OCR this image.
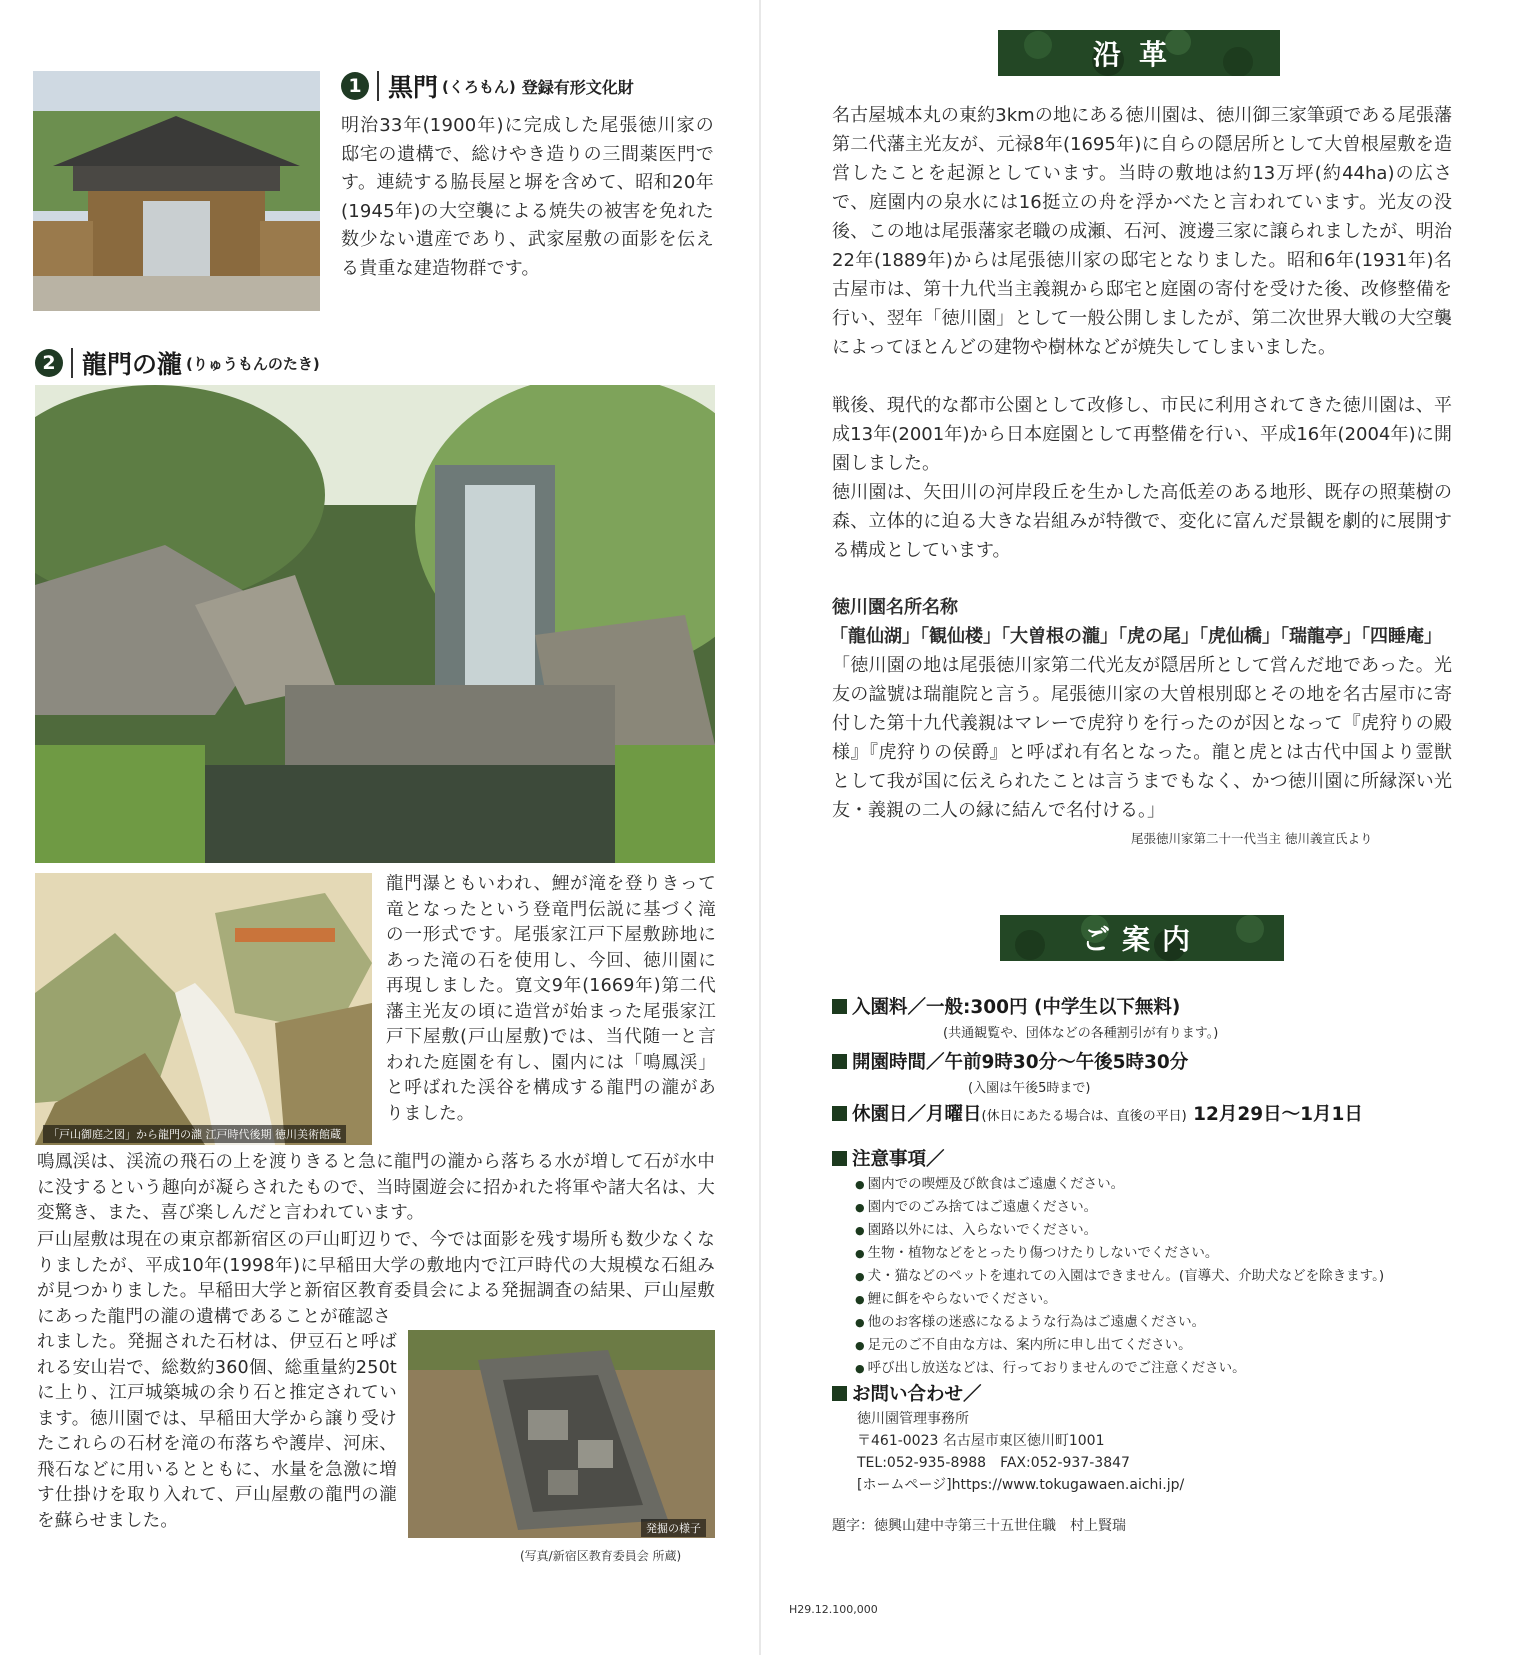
1 黒門 (くろもん) 登録有形文化財

明治33年(1900年)に完成した尾張徳川家の邸宅の遺構で、総けやき造りの三間薬医門です。連続する脇長屋と塀を含めて、昭和20年(1945年)の大空襲による焼失の被害を免れた数少ない遺産であり、武家屋敷の面影を伝える貴重な建造物群です。

2 龍門の瀧 (りゅうもんのたき)
「戸山御庭之図」から龍門の瀧 江戸時代後期 徳川美術館蔵

龍門瀑ともいわれ、鯉が滝を登りきって竜となったという登竜門伝説に基づく滝の一形式です。尾張家江戸下屋敷跡地にあった滝の石を使用し、今回、徳川園に再現しました。寛文9年(1669年)第二代藩主光友の頃に造営が始まった尾張家江戸下屋敷(戸山屋敷)では、当代随一と言われた庭園を有し、園内には「鳴鳳渓」と呼ばれた渓谷を構成する龍門の瀧がありました。

鳴鳳渓は、渓流の飛石の上を渡りきると急に龍門の瀧から落ちる水が増して石が水中に没するという趣向が凝らされたもので、当時園遊会に招かれた将軍や諸大名は、大変驚き、また、喜び楽しんだと言われています。

戸山屋敷は現在の東京都新宿区の戸山町辺りで、今では面影を残す場所も数少なくなりましたが、平成10年(1998年)に早稲田大学の敷地内で江戸時代の大規模な石組みが見つかりました。早稲田大学と新宿区教育委員会による発掘調査の結果、戸山屋敷にあった龍門の瀧の遺構であることが確認さ

れました。発掘された石材は、伊豆石と呼ばれる安山岩で、総数約360個、総重量約250tに上り、江戸城築城の余り石と推定されています。徳川園では、早稲田大学から譲り受けたこれらの石材を滝の布落ちや護岸、河床、飛石などに用いるとともに、水量を急激に増す仕掛けを取り入れて、戸山屋敷の龍門の瀧を蘇らせました。	発掘の様子
(写真/新宿区教育委員会 所蔵)
沿革

名古屋城本丸の東約3kmの地にある徳川園は、徳川御三家筆頭である尾張藩第二代藩主光友が、元禄8年(1695年)に自らの隠居所として大曽根屋敷を造営したことを起源としています。当時の敷地は約13万坪(約44ha)の広さで、庭園内の泉水には16挺立の舟を浮かべたと言われています。光友の没後、この地は尾張藩家老職の成瀬、石河、渡邊三家に譲られましたが、明治22年(1889年)からは尾張徳川家の邸宅となりました。昭和6年(1931年)名古屋市は、第十九代当主義親から邸宅と庭園の寄付を受けた後、改修整備を行い、翌年「徳川園」として一般公開しましたが、第二次世界大戦の大空襲によってほとんどの建物や樹林などが焼失してしまいました。

戦後、現代的な都市公園として改修し、市民に利用されてきた徳川園は、平成13年(2001年)から日本庭園として再整備を行い、平成16年(2004年)に開園しました。

徳川園は、矢田川の河岸段丘を生かした高低差のある地形、既存の照葉樹の森、立体的に迫る大きな岩組みが特徴で、変化に富んだ景観を劇的に展開する構成としています。

徳川園名所名称
「龍仙湖」「観仙楼」「大曽根の瀧」「虎の尾」「虎仙橋」「瑞龍亭」「四睡庵」

「徳川園の地は尾張徳川家第二代光友が隠居所として営んだ地であった。光友の諡號は瑞龍院と言う。尾張徳川家の大曽根別邸とその地を名古屋市に寄付した第十九代義親はマレーで虎狩りを行ったのが因となって『虎狩りの殿様』『虎狩りの侯爵』と呼ばれ有名となった。龍と虎とは古代中国より霊獣として我が国に伝えられたことは言うまでもなく、かつ徳川園に所縁深い光友・義親の二人の縁に結んで名付ける。」

尾張徳川家第二十一代当主 徳川義宣氏より
ご案内
入園料／一般:300円 (中学生以下無料)
(共通観覧や、団体などの各種割引が有ります。)
開園時間／午前9時30分～午後5時30分
(入園は午後5時まで)
休園日／月曜日(休日にあたる場合は、直後の平日) 12月29日～1月1日
注意事項／
● 園内での喫煙及び飲食はご遠慮ください。
● 園内でのごみ捨てはご遠慮ください。
● 園路以外には、入らないでください。
● 生物・植物などをとったり傷つけたりしないでください。
● 犬・猫などのペットを連れての入園はできません。(盲導犬、介助犬などを除きます。)
● 鯉に餌をやらないでください。
● 他のお客様の迷惑になるような行為はご遠慮ください。
● 足元のご不自由な方は、案内所に申し出てください。
● 呼び出し放送などは、行っておりませんのでご注意ください。
お問い合わせ／
徳川園管理事務所
〒461-0023 名古屋市東区徳川町1001
TEL:052-935-8988　FAX:052-937-3847
[ホームページ]https://www.tokugawaen.aichi.jp/
題字：徳興山建中寺第三十五世住職　村上賢瑞
H29.12.100,000
